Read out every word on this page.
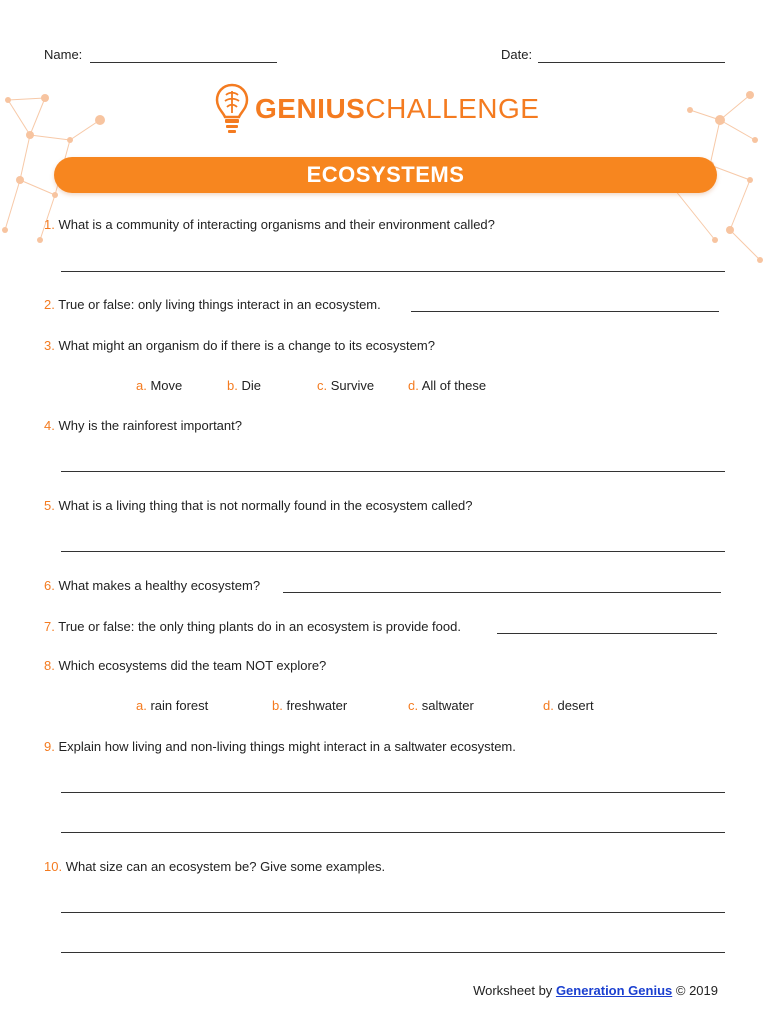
Name:	Date:
GENIUSCHALLENGE
ECOSYSTEMS
1. What is a community of interacting organisms and their environment called?
2. True or false: only living things interact in an ecosystem.
3. What might an organism do if there is a change to its ecosystem?
a. Move	b. Die	c. Survive	d. All of these
4. Why is the rainforest important?
5. What is a living thing that is not normally found in the ecosystem called?
6. What makes a healthy ecosystem?
7. True or false: the only thing plants do in an ecosystem is provide food.
8. Which ecosystems did the team NOT explore?
a. rain forest	b. freshwater	c. saltwater	d. desert
9. Explain how living and non-living things might interact in a saltwater ecosystem.
10. What size can an ecosystem be? Give some examples.
Worksheet by Generation Genius © 2019
